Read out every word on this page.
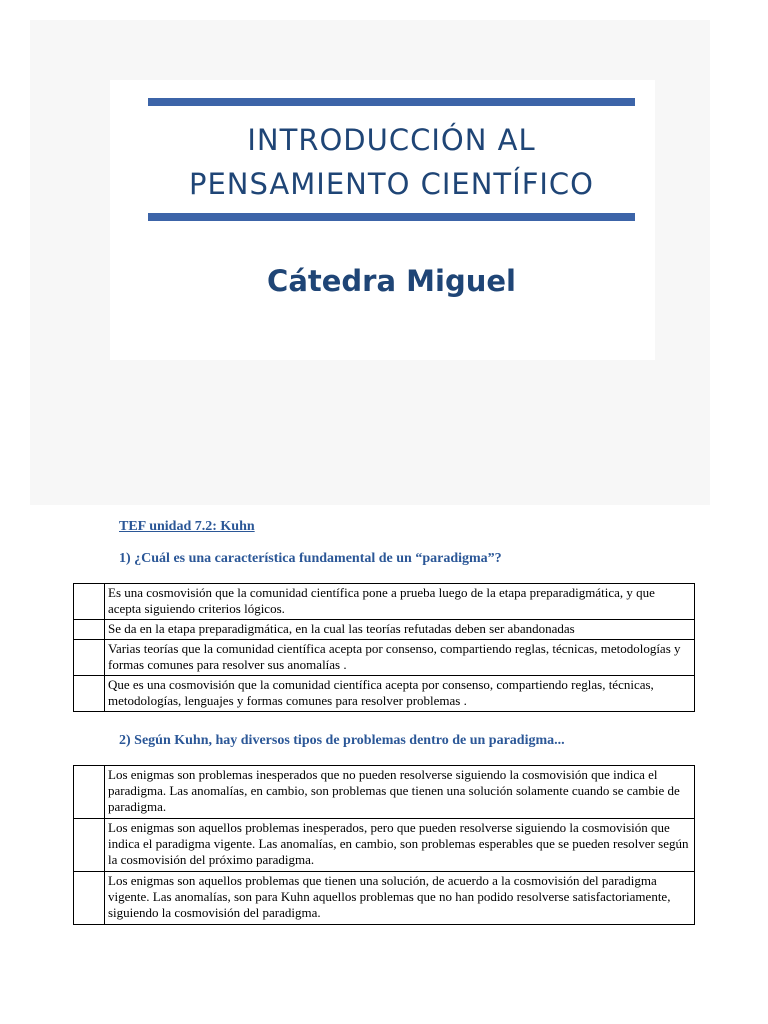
INTRODUCCIÓN AL
PENSAMIENTO CIENTÍFICO
Cátedra Miguel
TEF unidad 7.2: Kuhn
1) ¿Cuál es una característica fundamental de un “paradigma”?
	Es una cosmovisión que la comunidad científica pone a prueba luego de la etapa preparadigmática, y que acepta siguiendo criterios lógicos.
	Se da en la etapa preparadigmática, en la cual las teorías refutadas deben ser abandonadas
	Varias teorías que la comunidad científica acepta por consenso, compartiendo reglas, técnicas, metodologías y formas comunes para resolver sus anomalías .
	Que es una cosmovisión que la comunidad científica acepta por consenso, compartiendo reglas, técnicas, metodologías, lenguajes y formas comunes para resolver problemas .
2) Según Kuhn, hay diversos tipos de problemas dentro de un paradigma...
	Los enigmas son problemas inesperados que no pueden resolverse siguiendo la cosmovisión que indica el paradigma. Las anomalías, en cambio, son problemas que tienen una solución solamente cuando se cambie de paradigma.
	Los enigmas son aquellos problemas inesperados, pero que pueden resolverse siguiendo la cosmovisión que indica el paradigma vigente. Las anomalías, en cambio, son problemas esperables que se pueden resolver según la cosmovisión del próximo paradigma.
	Los enigmas son aquellos problemas que tienen una solución, de acuerdo a la cosmovisión del paradigma vigente. Las anomalías, son para Kuhn aquellos problemas que no han podido resolverse satisfactoriamente, siguiendo la cosmovisión del paradigma.
